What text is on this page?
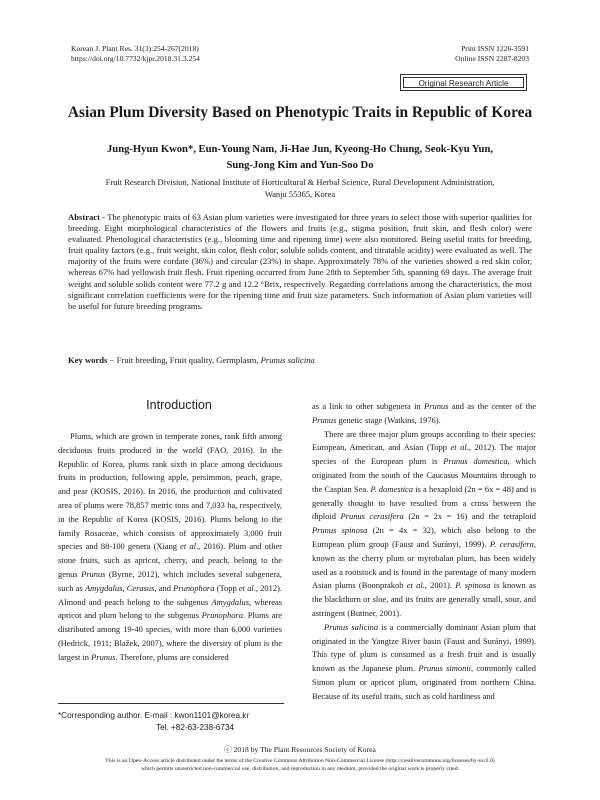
Korean J. Plant Res. 31(3):254-267(2018)
https://doi.org/10.7732/kjpr.2018.31.3.254
Print ISSN 1226-3591
Online ISSN 2287-8203
Original Research Article
Asian Plum Diversity Based on Phenotypic Traits in Republic of Korea
Jung-Hyun Kwon*, Eun-Young Nam, Ji-Hae Jun, Kyeong-Ho Chung, Seok-Kyu Yun,
Sung-Jong Kim and Yun-Soo Do
Fruit Research Division, National Institute of Horticultural & Herbal Science, Rural Development Administration,
Wanju 55365, Korea
Abstract - The phenotypic traits of 63 Asian plum varieties were investigated for three years to select those with superior qualities for breeding. Eight morphological characteristics of the flowers and fruits (e.g., stigma position, fruit skin, and flesh color) were evaluated. Phenological characteristics (e.g., blooming time and ripening time) were also monitored. Being useful traits for breeding, fruit quality factors (e.g., fruit weight, skin color, flesh color, soluble solids content, and titratable acidity) were evaluated as well. The majority of the fruits were cordate (36%) and circular (23%) in shape. Approximately 78% of the varieties showed a red skin color, whereas 67% had yellowish fruit flesh. Fruit ripening occurred from June 28th to September 5th, spanning 69 days. The average fruit weight and soluble solids content were 77.2 g and 12.2 °Brix, respectively. Regarding correlations among the characteristics, the most significant correlation coefficients were for the ripening time and fruit size parameters. Such information of Asian plum varieties will be useful for future breeding programs.
Key words − Fruit breeding, Fruit quality, Germplasm, Prunus salicina
Introduction

Plums, which are grown in temperate zones, rank fifth among deciduous fruits produced in the world (FAO, 2016). In the Republic of Korea, plums rank sixth in place among deciduous fruits in production, following apple, persimmon, peach, grape, and pear (KOSIS, 2016). In 2016, the production and cultivated area of plums were 78,857 metric tons and 7,033 ha, respectively, in the Republic of Korea (KOSIS, 2016). Plums belong to the family Rosaceae, which consists of approximately 3,000 fruit species and 88-100 genera (Xiang et al., 2016). Plum and other stone fruits, such as apricot, cherry, and peach, belong to the genus Prunus (Byrne, 2012), which includes several subgenera, such as Amygdalus, Cerasus, and Prunophora (Topp et al., 2012). Almond and peach belong to the subgenus Amygdalus, whereas apricot and plum belong to the subgenus Prunophora. Plums are distributed among 19-40 species, with more than 6,000 varieties (Hedrick, 1911; Blažek, 2007), where the diversity of plum is the largest in Prunus. Therefore, plums are considered

as a link to other subgenera in Prunus and as the center of the Prunus genetic stage (Watkins, 1976).

There are three major plum groups according to their species: European, American, and Asian (Topp et al., 2012). The major species of the European plum is Prunus domestica, which originated from the south of the Caucasus Mountains through to the Caspian Sea. P. domestica is a hexaploid (2n = 6x = 48) and is generally thought to have resulted from a cross between the diploid Prunus cerasifera (2n = 2x = 16) and the tetraploid Prunus spinosa (2n = 4x = 32), which also belong to the European plum group (Faust and Surányi, 1999). P. cerasifera, known as the cherry plum or myrobalan plum, has been widely used as a rootstock and is found in the parentage of many modern Asian plums (Boonprakob et al., 2001). P. spinosa is known as the blackthorn or sloe, and its fruits are generally small, sour, and astringent (Buttner, 2001).

Prunus salicina is a commercially dominant Asian plum that originated in the Yangtze River basin (Faust and Surányi, 1999). This type of plum is consumed as a fresh fruit and is usually known as the Japanese plum. Prunus simonii, commonly called Simon plum or apricot plum, originated from northern China. Because of its useful traits, such as cold hardiness and

*Corresponding author. E-mail : kwon1101@korea.kr
Tel. +82-63-238-6734
ⓒ 2018 by The Plant Resources Society of Korea
This is an Open-Access article distributed under the terms of the Creative Commons Attribution Non-Commercial License (http://creativecommons.org/licenses/by-nc/3.0)
which permits unrestricted non-commercial use, distribution, and reproduction in any medium, provided the original work is properly cited.
